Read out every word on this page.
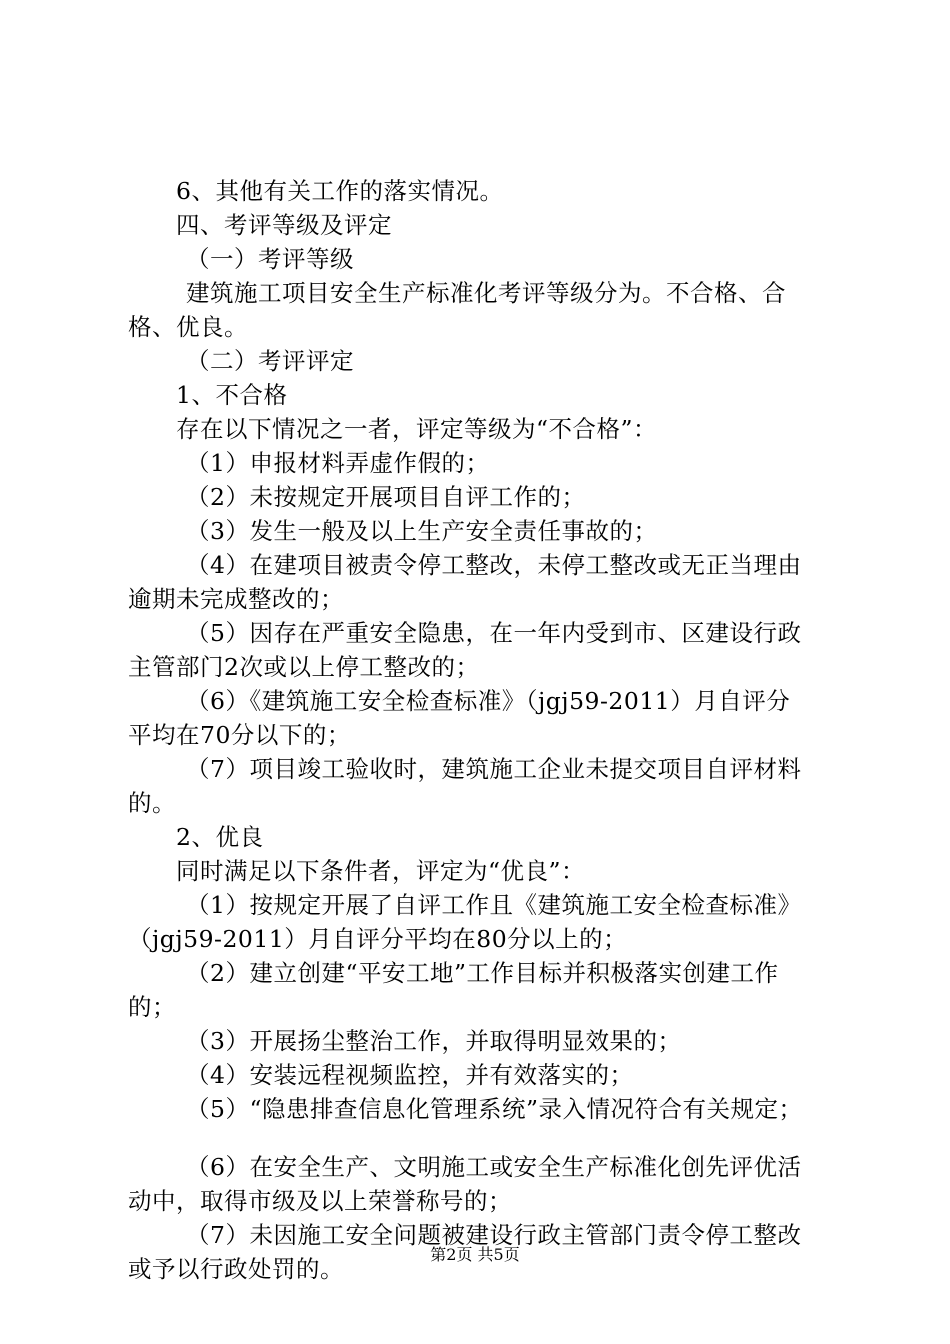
6、其他有关工作的落实情况。
四、考评等级及评定
（一）考评等级
建筑施工项目安全生产标准化考评等级分为。不合格、合
格、优良。
（二）考评评定
1、不合格
存在以下情况之一者，评定等级为“不合格”：
（1）申报材料弄虚作假的；
（2）未按规定开展项目自评工作的；
（3）发生一般及以上生产安全责任事故的；
（4）在建项目被责令停工整改，未停工整改或无正当理由
逾期未完成整改的；
（5）因存在严重安全隐患，在一年内受到市、区建设行政
主管部门2次或以上停工整改的；
（6）《建筑施工安全检查标准》（jgj59-2011）月自评分
平均在70分以下的；
（7）项目竣工验收时，建筑施工企业未提交项目自评材料
的。
2、优良
同时满足以下条件者，评定为“优良”：
（1）按规定开展了自评工作且《建筑施工安全检查标准》
（jgj59-2011）月自评分平均在80分以上的；
（2）建立创建“平安工地”工作目标并积极落实创建工作
的；
（3）开展扬尘整治工作，并取得明显效果的；
（4）安装远程视频监控，并有效落实的；
（5）“隐患排查信息化管理系统”录入情况符合有关规定；
（6）在安全生产、文明施工或安全生产标准化创先评优活
动中，取得市级及以上荣誉称号的；
（7）未因施工安全问题被建设行政主管部门责令停工整改
或予以行政处罚的。
第2页 共5页
